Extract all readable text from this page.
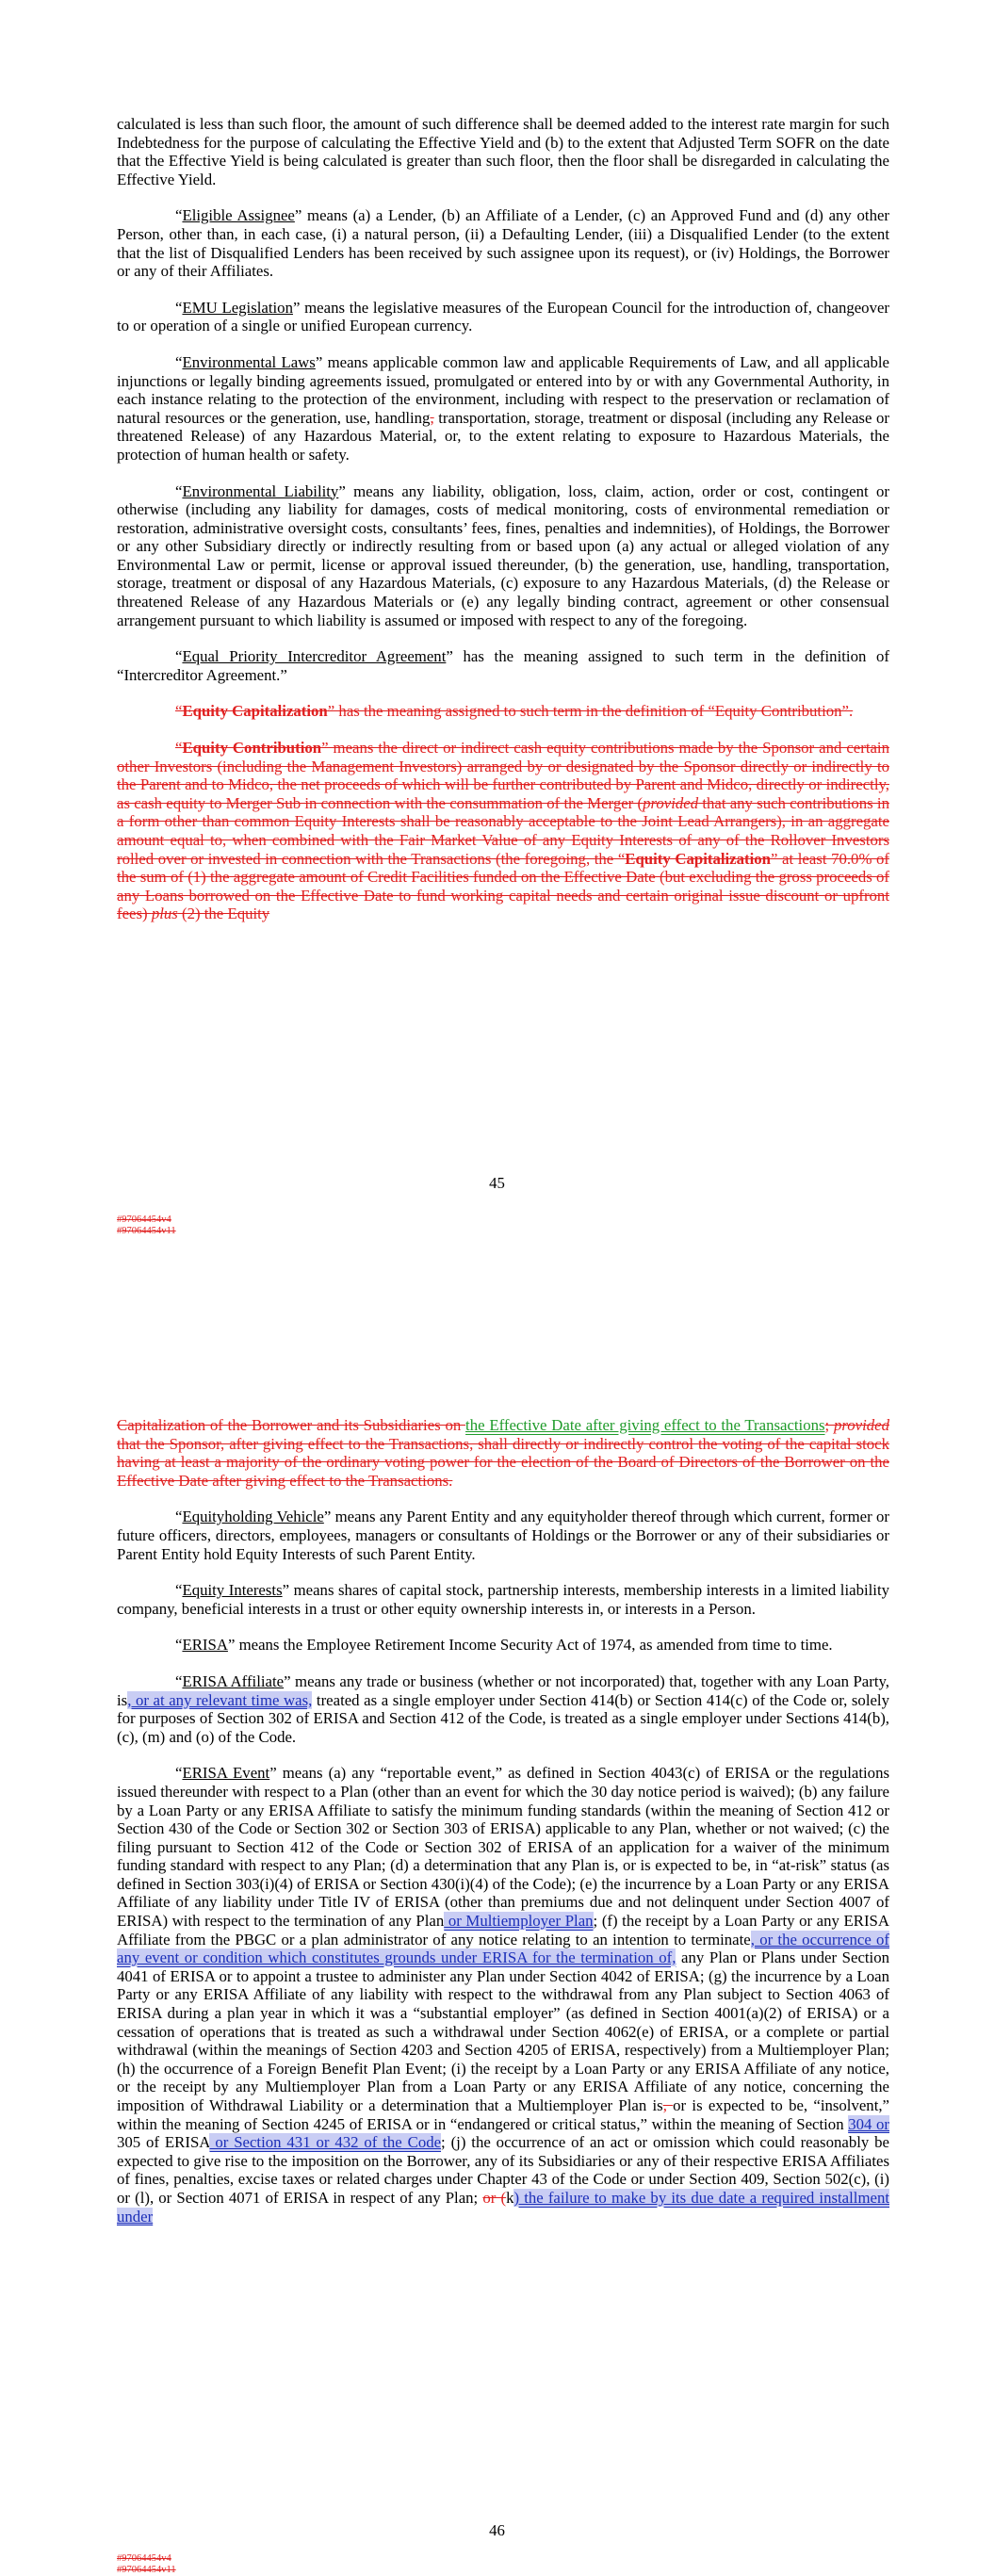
calculated is less than such floor, the amount of such difference shall be deemed added to the interest rate margin for such Indebtedness for the purpose of calculating the Effective Yield and (b) to the extent that Adjusted Term SOFR on the date that the Effective Yield is being calculated is greater than such floor, then the floor shall be disregarded in calculating the Effective Yield.

“Eligible Assignee” means (a) a Lender, (b) an Affiliate of a Lender, (c) an Approved Fund and (d) any other Person, other than, in each case, (i) a natural person, (ii) a Defaulting Lender, (iii) a Disqualified Lender (to the extent that the list of Disqualified Lenders has been received by such assignee upon its request), or (iv) Holdings, the Borrower or any of their Affiliates.

“EMU Legislation” means the legislative measures of the European Council for the introduction of, changeover to or operation of a single or unified European currency.

“Environmental Laws” means applicable common law and applicable Requirements of Law, and all applicable injunctions or legally binding agreements issued, promulgated or entered into by or with any Governmental Authority, in each instance relating to the protection of the environment, including with respect to the preservation or reclamation of natural resources or the generation, use, handling, transportation, storage, treatment or disposal (including any Release or threatened Release) of any Hazardous Material, or, to the extent relating to exposure to Hazardous Materials, the protection of human health or safety.

“Environmental Liability” means any liability, obligation, loss, claim, action, order or cost, contingent or otherwise (including any liability for damages, costs of medical monitoring, costs of environmental remediation or restoration, administrative oversight costs, consultants’ fees, fines, penalties and indemnities), of Holdings, the Borrower or any other Subsidiary directly or indirectly resulting from or based upon (a) any actual or alleged violation of any Environmental Law or permit, license or approval issued thereunder, (b) the generation, use, handling, transportation, storage, treatment or disposal of any Hazardous Materials, (c) exposure to any Hazardous Materials, (d) the Release or threatened Release of any Hazardous Materials or (e) any legally binding contract, agreement or other consensual arrangement pursuant to which liability is assumed or imposed with respect to any of the foregoing.

“Equal Priority Intercreditor Agreement” has the meaning assigned to such term in the definition of “Intercreditor Agreement.”

“Equity Capitalization” has the meaning assigned to such term in the definition of “Equity Contribution”.

“Equity Contribution” means the direct or indirect cash equity contributions made by the Sponsor and certain other Investors (including the Management Investors) arranged by or designated by the Sponsor directly or indirectly to the Parent and to Midco, the net proceeds of which will be further contributed by Parent and Midco, directly or indirectly, as cash equity to Merger Sub in connection with the consummation of the Merger (provided that any such contributions in a form other than common Equity Interests shall be reasonably acceptable to the Joint Lead Arrangers), in an aggregate amount equal to, when combined with the Fair Market Value of any Equity Interests of any of the Rollover Investors rolled over or invested in connection with the Transactions (the foregoing, the “Equity Capitalization” at least 70.0% of the sum of (1) the aggregate amount of Credit Facilities funded on the Effective Date (but excluding the gross proceeds of any Loans borrowed on the Effective Date to fund working capital needs and certain original issue discount or upfront fees) plus (2) the Equity

45
#97064454v4
#97064454v11

Capitalization of the Borrower and its Subsidiaries on the Effective Date after giving effect to the Transactions; provided that the Sponsor, after giving effect to the Transactions, shall directly or indirectly control the voting of the capital stock having at least a majority of the ordinary voting power for the election of the Board of Directors of the Borrower on the Effective Date after giving effect to the Transactions.

“Equityholding Vehicle” means any Parent Entity and any equityholder thereof through which current, former or future officers, directors, employees, managers or consultants of Holdings or the Borrower or any of their subsidiaries or Parent Entity hold Equity Interests of such Parent Entity.

“Equity Interests” means shares of capital stock, partnership interests, membership interests in a limited liability company, beneficial interests in a trust or other equity ownership interests in, or interests in a Person.

“ERISA” means the Employee Retirement Income Security Act of 1974, as amended from time to time.

“ERISA Affiliate” means any trade or business (whether or not incorporated) that, together with any Loan Party, is, or at any relevant time was, treated as a single employer under Section 414(b) or Section 414(c) of the Code or, solely for purposes of Section 302 of ERISA and Section 412 of the Code, is treated as a single employer under Sections 414(b), (c), (m) and (o) of the Code.

“ERISA Event” means (a) any “reportable event,” as defined in Section 4043(c) of ERISA or the regulations issued thereunder with respect to a Plan (other than an event for which the 30 day notice period is waived); (b) any failure by a Loan Party or any ERISA Affiliate to satisfy the minimum funding standards (within the meaning of Section 412 or Section 430 of the Code or Section 302 or Section 303 of ERISA) applicable to any Plan, whether or not waived; (c) the filing pursuant to Section 412 of the Code or Section 302 of ERISA of an application for a waiver of the minimum funding standard with respect to any Plan; (d) a determination that any Plan is, or is expected to be, in “at-risk” status (as defined in Section 303(i)(4) of ERISA or Section 430(i)(4) of the Code); (e) the incurrence by a Loan Party or any ERISA Affiliate of any liability under Title IV of ERISA (other than premiums due and not delinquent under Section 4007 of ERISA) with respect to the termination of any Plan or Multiemployer Plan; (f) the receipt by a Loan Party or any ERISA Affiliate from the PBGC or a plan administrator of any notice relating to an intention to terminate, or the occurrence of any event or condition which constitutes grounds under ERISA for the termination of, any Plan or Plans under Section 4041 of ERISA or to appoint a trustee to administer any Plan under Section 4042 of ERISA; (g) the incurrence by a Loan Party or any ERISA Affiliate of any liability with respect to the withdrawal from any Plan subject to Section 4063 of ERISA during a plan year in which it was a “substantial employer” (as defined in Section 4001(a)(2) of ERISA) or a cessation of operations that is treated as such a withdrawal under Section 4062(e) of ERISA, or a complete or partial withdrawal (within the meanings of Section 4203 and Section 4205 of ERISA, respectively) from a Multiemployer Plan; (h) the occurrence of a Foreign Benefit Plan Event; (i) the receipt by a Loan Party or any ERISA Affiliate of any notice, or the receipt by any Multiemployer Plan from a Loan Party or any ERISA Affiliate of any notice, concerning the imposition of Withdrawal Liability or a determination that a Multiemployer Plan is, or is expected to be, “insolvent,” within the meaning of Section 4245 of ERISA or in “endangered or critical status,” within the meaning of Section 304 or 305 of ERISA or Section 431 or 432 of the Code; (j) the occurrence of an act or omission which could reasonably be expected to give rise to the imposition on the Borrower, any of its Subsidiaries or any of their respective ERISA Affiliates of fines, penalties, excise taxes or related charges under Chapter 43 of the Code or under Section 409, Section 502(c), (i) or (l), or Section 4071 of ERISA in respect of any Plan; or (k) the failure to make by its due date a required installment under

46
#97064454v4
#97064454v11
